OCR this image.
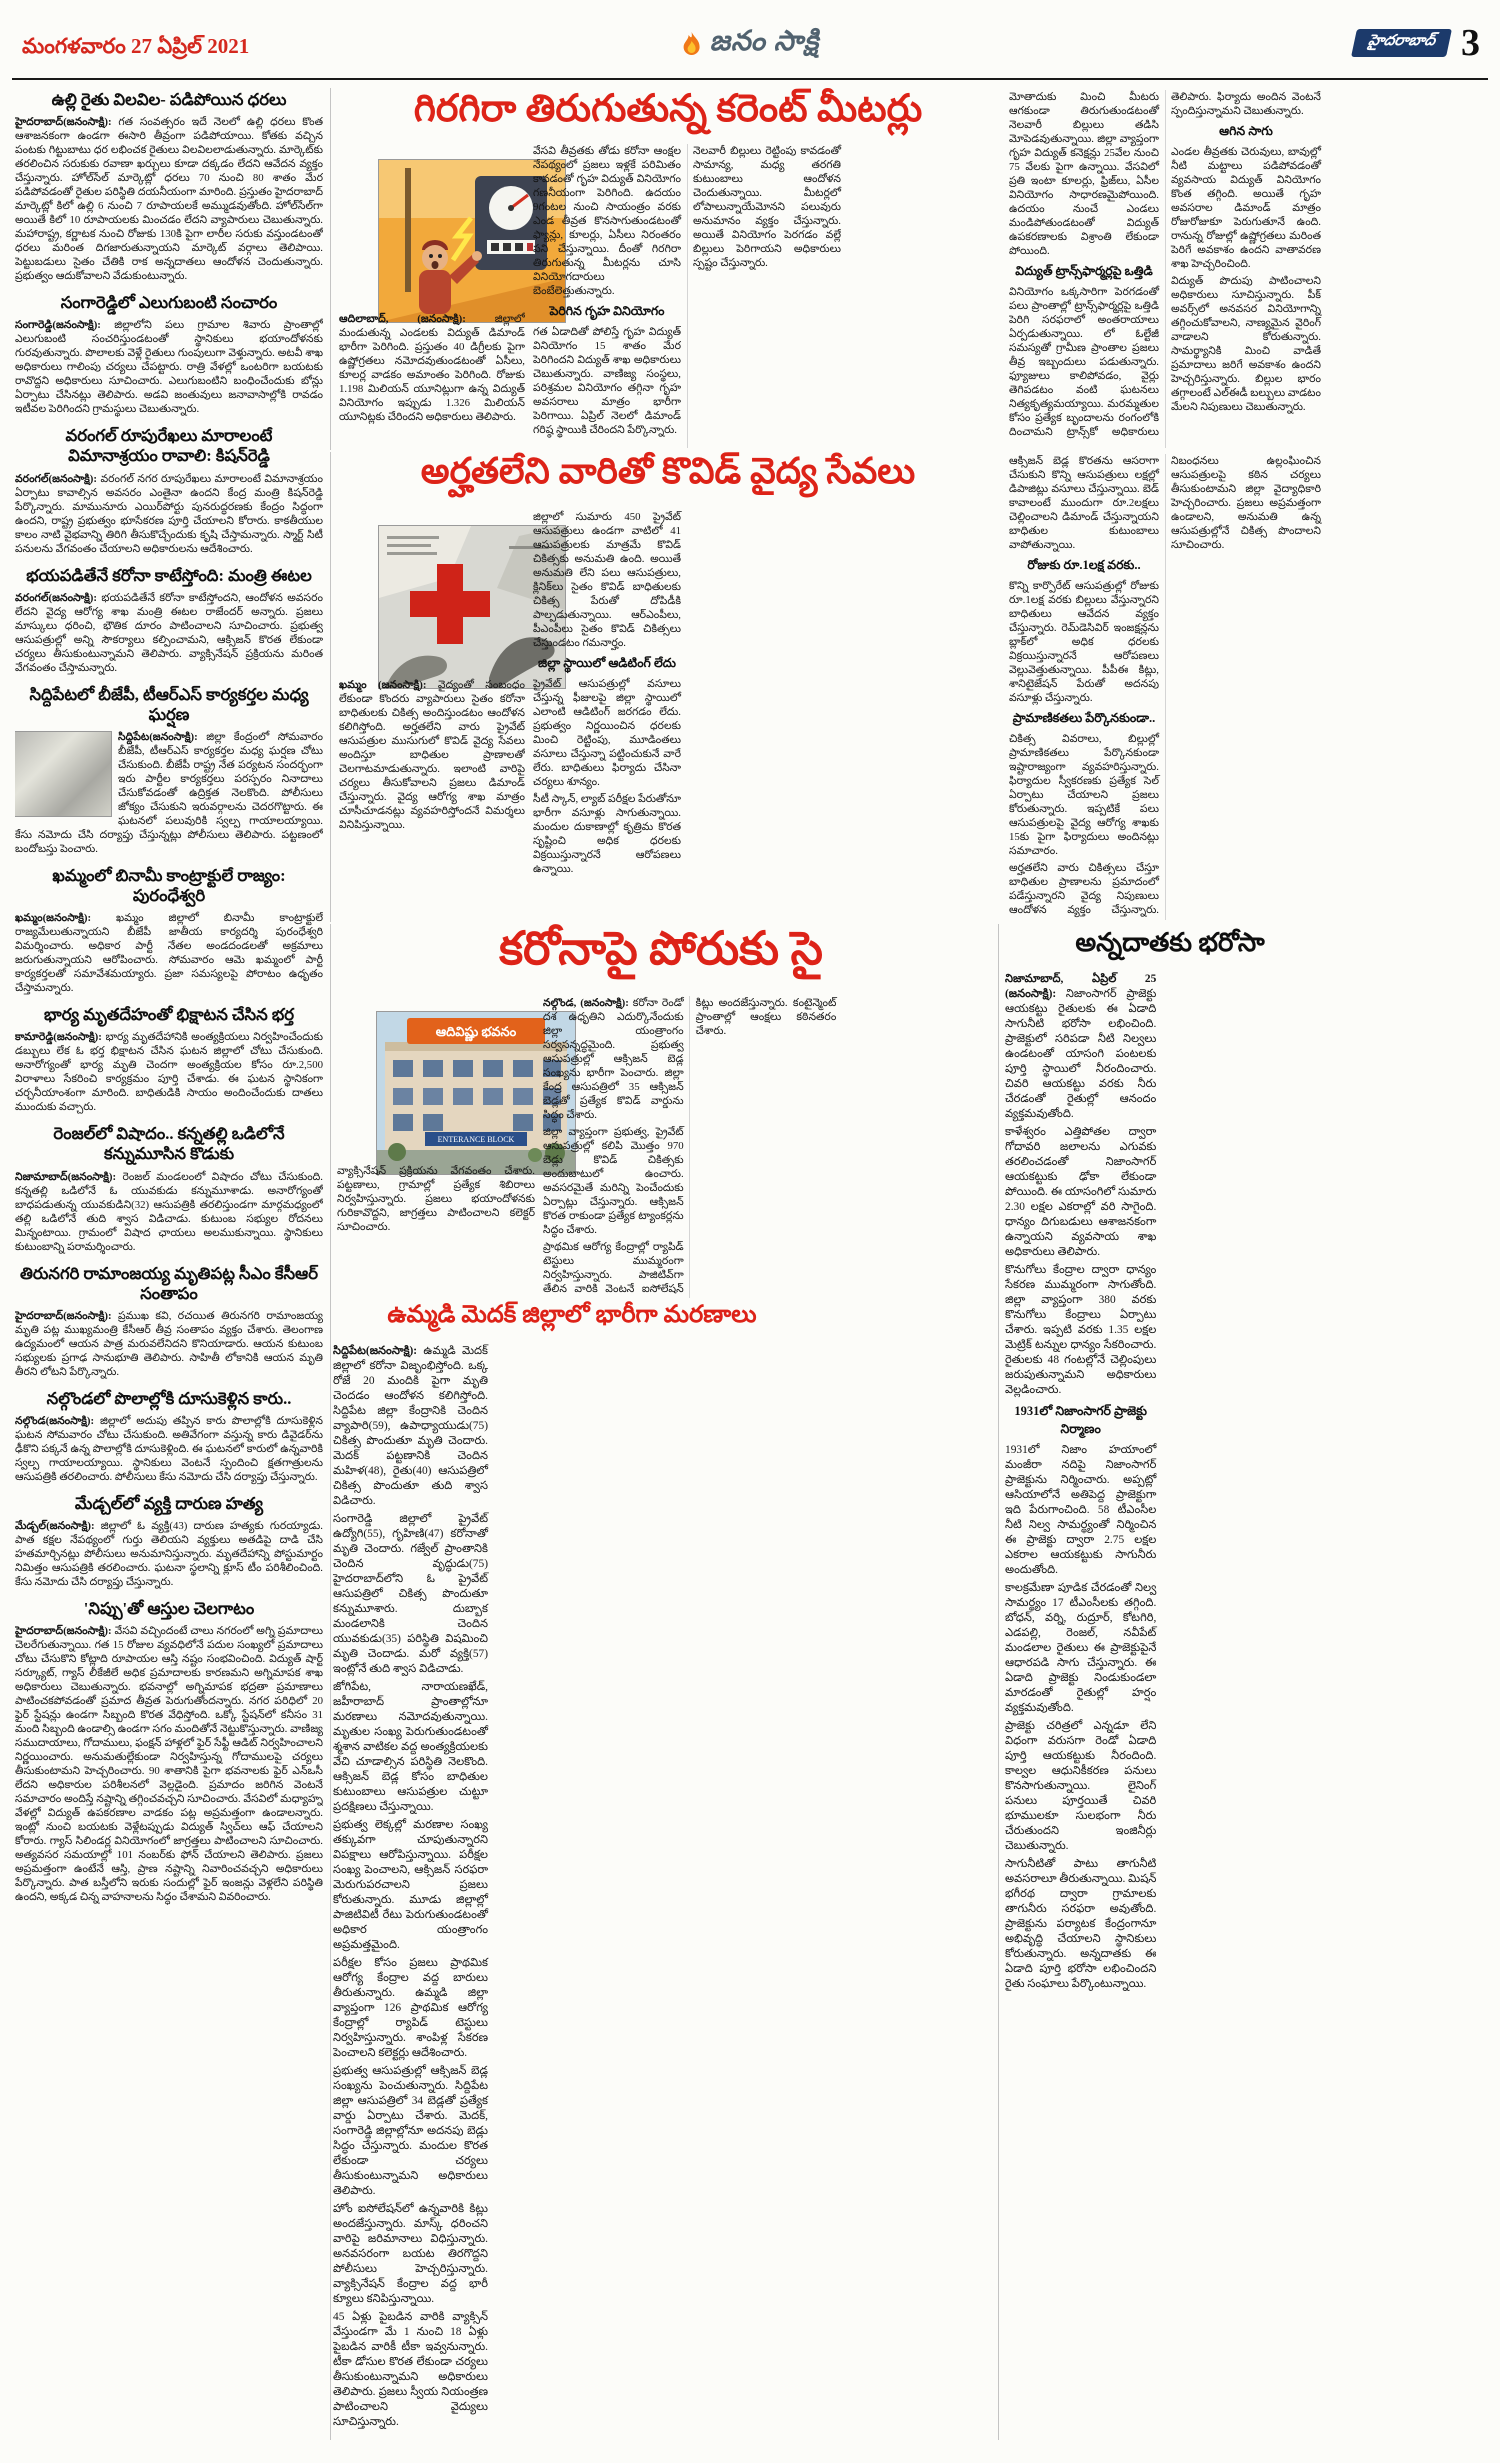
మంగళవారం 27 ఏప్రిల్ 2021	జనం సాక్షి	హైదరాబాద్ 3
ఉల్లి రైతు విలవిల- పడిపోయిన ధరలు

హైదరాబాద్(జనంసాక్షి): గత సంవత్సరం ఇదే నెలలో ఉల్లి ధరలు కొంత ఆశాజనకంగా ఉండగా ఈసారి తీవ్రంగా పడిపోయాయి. కోతకు వచ్చిన పంటకు గిట్టుబాటు ధర లభించక రైతులు విలవిలలాడుతున్నారు. మార్కెట్‌కు తరలించిన సరుకుకు రవాణా ఖర్చులు కూడా దక్కడం లేదని ఆవేదన వ్యక్తం చేస్తున్నారు. హోల్‌సేల్ మార్కెట్లో ధరలు 70 నుంచి 80 శాతం మేర పడిపోవడంతో రైతుల పరిస్థితి దయనీయంగా మారింది. ప్రస్తుతం హైదరాబాద్ మార్కెట్లో కిలో ఉల్లి 6 నుంచి 7 రూపాయలకే అమ్ముడవుతోంది. హోల్‌సేల్‌గా అయితే కిలో 10 రూపాయలకు మించడం లేదని వ్యాపారులు చెబుతున్నారు. మహారాష్ట్ర, కర్ణాటక నుంచి రోజుకు 130కి పైగా లారీల సరుకు వస్తుండటంతో ధరలు మరింత దిగజారుతున్నాయని మార్కెట్ వర్గాలు తెలిపాయి. పెట్టుబడులు సైతం చేతికి రాక అన్నదాతలు ఆందోళన చెందుతున్నారు. ప్రభుత్వం ఆదుకోవాలని వేడుకుంటున్నారు.

సంగారెడ్డిలో ఎలుగుబంటి సంచారం

సంగారెడ్డి(జనంసాక్షి): జిల్లాలోని పలు గ్రామాల శివారు ప్రాంతాల్లో ఎలుగుబంటి సంచరిస్తుండటంతో స్థానికులు భయాందోళనకు గురవుతున్నారు. పొలాలకు వెళ్లే రైతులు గుంపులుగా వెళ్తున్నారు. అటవీ శాఖ అధికారులు గాలింపు చర్యలు చేపట్టారు. రాత్రి వేళల్లో ఒంటరిగా బయటకు రావొద్దని అధికారులు సూచించారు. ఎలుగుబంటిని బంధించేందుకు బోన్లు ఏర్పాటు చేసినట్లు తెలిపారు. అడవి జంతువులు జనావాసాల్లోకి రావడం ఇటీవల పెరిగిందని గ్రామస్థులు చెబుతున్నారు.

వరంగల్ రూపురేఖలు మారాలంటే విమానాశ్రయం రావాలి: కిషన్‌రెడ్డి

వరంగల్(జనంసాక్షి): వరంగల్ నగర రూపురేఖలు మారాలంటే విమానాశ్రయం ఏర్పాటు కావాల్సిన అవసరం ఎంతైనా ఉందని కేంద్ర మంత్రి కిషన్‌రెడ్డి పేర్కొన్నారు. మామునూరు ఎయిర్‌పోర్టు పునరుద్ధరణకు కేంద్రం సిద్ధంగా ఉందని, రాష్ట్ర ప్రభుత్వం భూసేకరణ పూర్తి చేయాలని కోరారు. కాకతీయుల కాలం నాటి వైభవాన్ని తిరిగి తీసుకొచ్చేందుకు కృషి చేస్తామన్నారు. స్మార్ట్ సిటీ పనులను వేగవంతం చేయాలని అధికారులను ఆదేశించారు.

భయపడితేనే కరోనా కాటేస్తోంది: మంత్రి ఈటల

వరంగల్(జనంసాక్షి): భయపడితేనే కరోనా కాటేస్తోందని, ఆందోళన అవసరం లేదని వైద్య ఆరోగ్య శాఖ మంత్రి ఈటల రాజేందర్ అన్నారు. ప్రజలు మాస్కులు ధరించి, భౌతిక దూరం పాటించాలని సూచించారు. ప్రభుత్వ ఆసుపత్రుల్లో అన్ని సౌకర్యాలు కల్పించామని, ఆక్సిజన్ కొరత లేకుండా చర్యలు తీసుకుంటున్నామని తెలిపారు. వ్యాక్సినేషన్ ప్రక్రియను మరింత వేగవంతం చేస్తామన్నారు.

సిద్దిపేటలో బీజేపీ, టీఆర్‌ఎస్ కార్యకర్తల మధ్య ఘర్షణ

సిద్దిపేట(జనంసాక్షి): జిల్లా కేంద్రంలో సోమవారం బీజేపీ, టీఆర్‌ఎస్ కార్యకర్తల మధ్య ఘర్షణ చోటు చేసుకుంది. బీజేపీ రాష్ట్ర నేత పర్యటన సందర్భంగా ఇరు పార్టీల కార్యకర్తలు పరస్పరం నినాదాలు చేసుకోవడంతో ఉద్రిక్తత నెలకొంది. పోలీసులు జోక్యం చేసుకుని ఇరువర్గాలను చెదరగొట్టారు. ఈ ఘటనలో పలువురికి స్వల్ప గాయాలయ్యాయి. కేసు నమోదు చేసి దర్యాప్తు చేస్తున్నట్లు పోలీసులు తెలిపారు. పట్టణంలో బందోబస్తు పెంచారు.

ఖమ్మంలో బినామీ కాంట్రాక్టులే రాజ్యం: పురంధేశ్వరి

ఖమ్మం(జనంసాక్షి): ఖమ్మం జిల్లాలో బినామీ కాంట్రాక్టులే రాజ్యమేలుతున్నాయని బీజేపీ జాతీయ కార్యదర్శి పురంధేశ్వరి విమర్శించారు. అధికార పార్టీ నేతల అండదండలతో అక్రమాలు జరుగుతున్నాయని ఆరోపించారు. సోమవారం ఆమె ఖమ్మంలో పార్టీ కార్యకర్తలతో సమావేశమయ్యారు. ప్రజా సమస్యలపై పోరాటం ఉధృతం చేస్తామన్నారు.

భార్య మృతదేహంతో భిక్షాటన చేసిన భర్త

కామారెడ్డి(జనంసాక్షి): భార్య మృతదేహానికి అంత్యక్రియలు నిర్వహించేందుకు డబ్బులు లేక ఓ భర్త భిక్షాటన చేసిన ఘటన జిల్లాలో చోటు చేసుకుంది. అనారోగ్యంతో భార్య మృతి చెందగా అంత్యక్రియల కోసం రూ.2,500 విరాళాలు సేకరించి కార్యక్రమం పూర్తి చేశాడు. ఈ ఘటన స్థానికంగా చర్చనీయాంశంగా మారింది. బాధితుడికి సాయం అందించేందుకు దాతలు ముందుకు వచ్చారు.

రెంజల్‌లో విషాదం.. కన్నతల్లి ఒడిలోనే కన్నుమూసిన కొడుకు

నిజామాబాద్(జనంసాక్షి): రెంజల్ మండలంలో విషాదం చోటు చేసుకుంది. కన్నతల్లి ఒడిలోనే ఓ యువకుడు కన్నుమూశాడు. అనారోగ్యంతో బాధపడుతున్న యువకుడిని(32) ఆసుపత్రికి తరలిస్తుండగా మార్గమధ్యంలో తల్లి ఒడిలోనే తుది శ్వాస విడిచాడు. కుటుంబ సభ్యుల రోదనలు మిన్నంటాయి. గ్రామంలో విషాద ఛాయలు అలముకున్నాయి. స్థానికులు కుటుంబాన్ని పరామర్శించారు.

తిరునగరి రామాంజయ్య మృతిపట్ల సీఎం కేసీఆర్ సంతాపం

హైదరాబాద్(జనంసాక్షి): ప్రముఖ కవి, రచయిత తిరునగరి రామాంజయ్య మృతి పట్ల ముఖ్యమంత్రి కేసీఆర్ తీవ్ర సంతాపం వ్యక్తం చేశారు. తెలంగాణ ఉద్యమంలో ఆయన పాత్ర మరువలేనిదని కొనియాడారు. ఆయన కుటుంబ సభ్యులకు ప్రగాఢ సానుభూతి తెలిపారు. సాహితీ లోకానికి ఆయన మృతి తీరని లోటని పేర్కొన్నారు.

నల్గొండలో పొలాల్లోకి దూసుకెళ్లిన కారు..

నల్గొండ(జనంసాక్షి): జిల్లాలో అదుపు తప్పిన కారు పొలాల్లోకి దూసుకెళ్లిన ఘటన సోమవారం చోటు చేసుకుంది. అతివేగంగా వస్తున్న కారు డివైడర్‌ను ఢీకొని పక్కనే ఉన్న పొలాల్లోకి దూసుకెళ్లింది. ఈ ఘటనలో కారులో ఉన్నవారికి స్వల్ప గాయాలయ్యాయి. స్థానికులు వెంటనే స్పందించి క్షతగాత్రులను ఆసుపత్రికి తరలించారు. పోలీసులు కేసు నమోదు చేసి దర్యాప్తు చేస్తున్నారు.

మేడ్చల్‌లో వ్యక్తి దారుణ హత్య

మేడ్చల్(జనంసాక్షి): జిల్లాలో ఓ వ్యక్తి(43) దారుణ హత్యకు గురయ్యాడు. పాత కక్షల నేపథ్యంలో గుర్తు తెలియని వ్యక్తులు అతడిపై దాడి చేసి హతమార్చినట్లు పోలీసులు అనుమానిస్తున్నారు. మృతదేహాన్ని పోస్టుమార్టం నిమిత్తం ఆసుపత్రికి తరలించారు. ఘటనా స్థలాన్ని క్లూస్ టీం పరిశీలించింది. కేసు నమోదు చేసి దర్యాప్తు చేస్తున్నారు.

'నిప్పు'తో ఆస్తుల చెలగాటం

హైదరాబాద్(జనంసాక్షి): వేసవి వచ్చిందంటే చాలు నగరంలో అగ్ని ప్రమాదాలు చెలరేగుతున్నాయి. గత 15 రోజుల వ్యవధిలోనే పదుల సంఖ్యలో ప్రమాదాలు చోటు చేసుకొని కోట్లాది రూపాయల ఆస్తి నష్టం సంభవించింది. విద్యుత్ షార్ట్ సర్క్యూట్, గ్యాస్ లీకేజీలే అధిక ప్రమాదాలకు కారణమని అగ్నిమాపక శాఖ అధికారులు చెబుతున్నారు. భవనాల్లో అగ్నిమాపక భద్రతా ప్రమాణాలు పాటించకపోవడంతో ప్రమాద తీవ్రత పెరుగుతోందన్నారు. నగర పరిధిలో 20 ఫైర్ స్టేషన్లు ఉండగా సిబ్బంది కొరత వేధిస్తోంది. ఒక్కో స్టేషన్‌లో కనీసం 31 మంది సిబ్బంది ఉండాల్సి ఉండగా సగం మందితోనే నెట్టుకొస్తున్నారు. వాణిజ్య సముదాయాలు, గోదాములు, ఫంక్షన్ హాళ్లలో ఫైర్ సేఫ్టీ ఆడిట్ నిర్వహించాలని నిర్ణయించారు. అనుమతుల్లేకుండా నిర్వహిస్తున్న గోదాములపై చర్యలు తీసుకుంటామని హెచ్చరించారు. 90 శాతానికి పైగా భవనాలకు ఫైర్ ఎన్ఒసీ లేదని అధికారుల పరిశీలనలో వెల్లడైంది. ప్రమాదం జరిగిన వెంటనే సమాచారం అందిస్తే నష్టాన్ని తగ్గించవచ్చని సూచించారు. వేసవిలో మధ్యాహ్న వేళల్లో విద్యుత్ ఉపకరణాల వాడకం పట్ల అప్రమత్తంగా ఉండాలన్నారు. ఇంట్లో నుంచి బయటకు వెళ్లేటప్పుడు విద్యుత్ స్విచ్‌లు ఆఫ్ చేయాలని కోరారు. గ్యాస్ సిలిండర్ల వినియోగంలో జాగ్రత్తలు పాటించాలని సూచించారు. అత్యవసర సమయాల్లో 101 నంబర్‌కు ఫోన్ చేయాలని తెలిపారు. ప్రజలు అప్రమత్తంగా ఉంటేనే ఆస్తి, ప్రాణ నష్టాన్ని నివారించవచ్చని అధికారులు పేర్కొన్నారు. పాత బస్తీలోని ఇరుకు సందుల్లో ఫైర్ ఇంజన్లు వెళ్లలేని పరిస్థితి ఉందని, అక్కడ చిన్న వాహనాలను సిద్ధం చేశామని వివరించారు.

గిరగిరా తిరుగుతున్న కరెంట్ మీటర్లు

ఆదిలాబాద్, (జనంసాక్షి): జిల్లాలో మండుతున్న ఎండలకు విద్యుత్ డిమాండ్ భారీగా పెరిగింది. ప్రస్తుతం 40 డిగ్రీలకు పైగా ఉష్ణోగ్రతలు నమోదవుతుండటంతో ఏసీలు, కూలర్ల వాడకం అమాంతం పెరిగింది. రోజుకు 1.198 మిలియన్ యూనిట్లుగా ఉన్న విద్యుత్ వినియోగం ఇప్పుడు 1.326 మిలియన్ యూనిట్లకు చేరిందని అధికారులు తెలిపారు.

వేసవి తీవ్రతకు తోడు కరోనా ఆంక్షల నేపథ్యంలో ప్రజలు ఇళ్లకే పరిమితం కావడంతో గృహ విద్యుత్ వినియోగం గణనీయంగా పెరిగింది. ఉదయం 9గంటల నుంచి సాయంత్రం వరకు ఎండ తీవ్రత కొనసాగుతుండటంతో ఫ్యాన్లు, కూలర్లు, ఏసీలు నిరంతరం పని చేస్తున్నాయి. దీంతో గిరగిరా తిరుగుతున్న మీటర్లను చూసి వినియోగదారులు బెంబేలెత్తుతున్నారు.

పెరిగిన గృహ వినియోగం

గత ఏడాదితో పోలిస్తే గృహ విద్యుత్ వినియోగం 15 శాతం మేర పెరిగిందని విద్యుత్ శాఖ అధికారులు చెబుతున్నారు. వాణిజ్య సంస్థలు, పరిశ్రమల వినియోగం తగ్గినా గృహ అవసరాలు మాత్రం భారీగా పెరిగాయి. ఏప్రిల్ నెలలో డిమాండ్ గరిష్ఠ స్థాయికి చేరిందని పేర్కొన్నారు.

నెలవారీ బిల్లులు రెట్టింపు కావడంతో సామాన్య, మధ్య తరగతి కుటుంబాలు ఆందోళన చెందుతున్నాయి. మీటర్లలో లోపాలున్నాయేమోనని పలువురు అనుమానం వ్యక్తం చేస్తున్నారు. అయితే వినియోగం పెరగడం వల్లే బిల్లులు పెరిగాయని అధికారులు స్పష్టం చేస్తున్నారు.

మోతాదుకు మించి మీటరు ఆగకుండా తిరుగుతుండటంతో నెలవారీ బిల్లులు తడిసి మోపెడవుతున్నాయి. జిల్లా వ్యాప్తంగా గృహ విద్యుత్ కనెక్షన్లు 25వేల నుంచి 75 వేలకు పైగా ఉన్నాయి. వేసవిలో ప్రతి ఇంటా కూలర్లు, ఫ్రిజ్‌లు, ఏసీల వినియోగం సాధారణమైపోయింది. ఉదయం నుంచే ఎండలు మండిపోతుండటంతో విద్యుత్ ఉపకరణాలకు విశ్రాంతి లేకుండా పోయింది.

విద్యుత్ ట్రాన్స్‌ఫార్మర్లపై ఒత్తిడి

వినియోగం ఒక్కసారిగా పెరగడంతో పలు ప్రాంతాల్లో ట్రాన్స్‌ఫార్మర్లపై ఒత్తిడి పెరిగి సరఫరాలో అంతరాయాలు ఏర్పడుతున్నాయి. లో ఓల్టేజీ సమస్యతో గ్రామీణ ప్రాంతాల ప్రజలు తీవ్ర ఇబ్బందులు పడుతున్నారు. ఫ్యూజులు కాలిపోవడం, వైర్లు తెగిపడటం వంటి ఘటనలు నిత్యకృత్యమయ్యాయి. మరమ్మతుల కోసం ప్రత్యేక బృందాలను రంగంలోకి దించామని ట్రాన్స్‌కో అధికారులు తెలిపారు. ఫిర్యాదు అందిన వెంటనే స్పందిస్తున్నామని చెబుతున్నారు.

ఆగిన సాగు

ఎండల తీవ్రతకు చెరువులు, బావుల్లో నీటి మట్టాలు పడిపోవడంతో వ్యవసాయ విద్యుత్ వినియోగం కొంత తగ్గింది. అయితే గృహ అవసరాల డిమాండ్ మాత్రం రోజురోజుకూ పెరుగుతూనే ఉంది. రానున్న రోజుల్లో ఉష్ణోగ్రతలు మరింత పెరిగే అవకాశం ఉందని వాతావరణ శాఖ హెచ్చరించింది.

విద్యుత్ పొదుపు పాటించాలని అధికారులు సూచిస్తున్నారు. పీక్ అవర్స్‌లో అనవసర వినియోగాన్ని తగ్గించుకోవాలని, నాణ్యమైన వైరింగ్ వాడాలని కోరుతున్నారు. సామర్థ్యానికి మించి వాడితే ప్రమాదాలు జరిగే అవకాశం ఉందని హెచ్చరిస్తున్నారు. బిల్లుల భారం తగ్గాలంటే ఎల్ఈడీ బల్బులు వాడటం మేలని నిపుణులు చెబుతున్నారు.

అర్హతలేని వారితో కొవిడ్ వైద్య సేవలు

ఖమ్మం (జనంసాక్షి): వైద్యంతో సంబంధం లేకుండా కొందరు వ్యాపారులు సైతం కరోనా బాధితులకు చికిత్స అందిస్తుండటం ఆందోళన కలిగిస్తోంది. అర్హతలేని వారు ప్రైవేట్ ఆసుపత్రుల ముసుగులో కొవిడ్ వైద్య సేవలు అందిస్తూ బాధితుల ప్రాణాలతో చెలగాటమాడుతున్నారు. ఇలాంటి వారిపై చర్యలు తీసుకోవాలని ప్రజలు డిమాండ్ చేస్తున్నారు. వైద్య ఆరోగ్య శాఖ మాత్రం చూసీచూడనట్లు వ్యవహరిస్తోందనే విమర్శలు వినిపిస్తున్నాయి.

జిల్లాలో సుమారు 450 ప్రైవేట్ ఆసుపత్రులు ఉండగా వాటిలో 41 ఆసుపత్రులకు మాత్రమే కొవిడ్ చికిత్సకు అనుమతి ఉంది. అయితే అనుమతి లేని పలు ఆసుపత్రులు, క్లినిక్‌లు సైతం కొవిడ్ బాధితులకు చికిత్స పేరుతో దోపిడీకి పాల్పడుతున్నాయి. ఆర్ఎంపీలు, పీఎంపీలు సైతం కొవిడ్ చికిత్సలు చేస్తుండటం గమనార్హం.

జిల్లా స్థాయిలో ఆడిటింగ్ లేదు

ప్రైవేట్ ఆసుపత్రుల్లో వసూలు చేస్తున్న ఫీజులపై జిల్లా స్థాయిలో ఎలాంటి ఆడిటింగ్ జరగడం లేదు. ప్రభుత్వం నిర్ణయించిన ధరలకు మించి రెట్టింపు, మూడింతలు వసూలు చేస్తున్నా పట్టించుకునే వారే లేరు. బాధితులు ఫిర్యాదు చేసినా చర్యలు శూన్యం.

సీటీ స్కాన్, ల్యాబ్ పరీక్షల పేరుతోనూ భారీగా వసూళ్లు సాగుతున్నాయి. మందుల దుకాణాల్లో కృత్రిమ కొరత సృష్టించి అధిక ధరలకు విక్రయిస్తున్నారనే ఆరోపణలు ఉన్నాయి.

ఆక్సిజన్ బెడ్ల కొరతను ఆసరాగా చేసుకుని కొన్ని ఆసుపత్రులు లక్షల్లో డిపాజిట్లు వసూలు చేస్తున్నాయి. బెడ్ కావాలంటే ముందుగా రూ.2లక్షలు చెల్లించాలని డిమాండ్ చేస్తున్నాయని బాధితుల కుటుంబాలు వాపోతున్నాయి.

రోజుకు రూ.1లక్ష వరకు..

కొన్ని కార్పొరేట్ ఆసుపత్రుల్లో రోజుకు రూ.1లక్ష వరకు బిల్లులు వేస్తున్నారని బాధితులు ఆవేదన వ్యక్తం చేస్తున్నారు. రెమ్‌డెసివిర్ ఇంజక్షన్లను బ్లాక్‌లో అధిక ధరలకు విక్రయిస్తున్నారనే ఆరోపణలు వెల్లువెత్తుతున్నాయి. పీపీఈ కిట్లు, శానిటైజేషన్ పేరుతో అదనపు వసూళ్లు చేస్తున్నారు.

ప్రామాణికతలు పేర్కొనకుండా..

చికిత్స వివరాలు, బిల్లుల్లో ప్రామాణికతలు పేర్కొనకుండా ఇష్టారాజ్యంగా వ్యవహరిస్తున్నారు. ఫిర్యాదుల స్వీకరణకు ప్రత్యేక సెల్ ఏర్పాటు చేయాలని ప్రజలు కోరుతున్నారు. ఇప్పటికే పలు ఆసుపత్రులపై వైద్య ఆరోగ్య శాఖకు 15కు పైగా ఫిర్యాదులు అందినట్లు సమాచారం.

అర్హతలేని వారు చికిత్సలు చేస్తూ బాధితుల ప్రాణాలను ప్రమాదంలో పడేస్తున్నారని వైద్య నిపుణులు ఆందోళన వ్యక్తం చేస్తున్నారు. నిబంధనలు ఉల్లంఘించిన ఆసుపత్రులపై కఠిన చర్యలు తీసుకుంటామని జిల్లా వైద్యాధికారి హెచ్చరించారు. ప్రజలు అప్రమత్తంగా ఉండాలని, అనుమతి ఉన్న ఆసుపత్రుల్లోనే చికిత్స పొందాలని సూచించారు.

కరోనాపై పోరుకు సై
ఆదివిష్ణు భవనం
ENTERANCE BLOCK

నల్గొండ, (జనంసాక్షి): కరోనా రెండో దశ ఉధృతిని ఎదుర్కొనేందుకు జిల్లా యంత్రాంగం సర్వసన్నద్ధమైంది. ప్రభుత్వ ఆసుపత్రుల్లో ఆక్సిజన్ బెడ్ల సంఖ్యను భారీగా పెంచారు. జిల్లా కేంద్ర ఆసుపత్రిలో 35 ఆక్సిజన్ బెడ్లతో ప్రత్యేక కొవిడ్ వార్డును సిద్ధం చేశారు.

జిల్లా వ్యాప్తంగా ప్రభుత్వ, ప్రైవేట్ ఆసుపత్రుల్లో కలిపి మొత్తం 970 బెడ్లు కొవిడ్ చికిత్సకు అందుబాటులో ఉంచారు. అవసరమైతే మరిన్ని పెంచేందుకు ఏర్పాట్లు చేస్తున్నారు. ఆక్సిజన్ కొరత రాకుండా ప్రత్యేక ట్యాంకర్లను సిద్ధం చేశారు.

ప్రాథమిక ఆరోగ్య కేంద్రాల్లో ర్యాపిడ్ టెస్టులు ముమ్మరంగా నిర్వహిస్తున్నారు. పాజిటివ్‌గా తేలిన వారికి వెంటనే ఐసోలేషన్ కిట్లు అందజేస్తున్నారు. కంటైన్మెంట్ ప్రాంతాల్లో ఆంక్షలు కఠినతరం చేశారు.

వ్యాక్సినేషన్ ప్రక్రియను వేగవంతం చేశారు. పట్టణాలు, గ్రామాల్లో ప్రత్యేక శిబిరాలు నిర్వహిస్తున్నారు. ప్రజలు భయాందోళనకు గురికావొద్దని, జాగ్రత్తలు పాటించాలని కలెక్టర్ సూచించారు.

ఉమ్మడి మెదక్ జిల్లాలో భారీగా మరణాలు

సిద్దిపేట(జనంసాక్షి): ఉమ్మడి మెదక్ జిల్లాలో కరోనా విజృంభిస్తోంది. ఒక్క రోజే 20 మందికి పైగా మృతి చెందడం ఆందోళన కలిగిస్తోంది. సిద్దిపేట జిల్లా కేంద్రానికి చెందిన వ్యాపారి(59), ఉపాధ్యాయుడు(75) చికిత్స పొందుతూ మృతి చెందారు. మెదక్ పట్టణానికి చెందిన మహిళ(48), రైతు(40) ఆసుపత్రిలో చికిత్స పొందుతూ తుది శ్వాస విడిచారు.

సంగారెడ్డి జిల్లాలో ప్రైవేట్ ఉద్యోగి(55), గృహిణి(47) కరోనాతో మృతి చెందారు. గజ్వేల్ ప్రాంతానికి చెందిన వృద్ధుడు(75) హైదరాబాద్‌లోని ఓ ప్రైవేట్ ఆసుపత్రిలో చికిత్స పొందుతూ కన్నుమూశారు. దుబ్బాక మండలానికి చెందిన యువకుడు(35) పరిస్థితి విషమించి మృతి చెందాడు. మరో వ్యక్తి(57) ఇంట్లోనే తుది శ్వాస విడిచాడు.

జోగిపేట, నారాయణఖేడ్, జహీరాబాద్ ప్రాంతాల్లోనూ మరణాలు నమోదవుతున్నాయి. మృతుల సంఖ్య పెరుగుతుండటంతో శ్మశాన వాటికల వద్ద అంత్యక్రియలకు వేచి చూడాల్సిన పరిస్థితి నెలకొంది. ఆక్సిజన్ బెడ్ల కోసం బాధితుల కుటుంబాలు ఆసుపత్రుల చుట్టూ ప్రదక్షిణలు చేస్తున్నాయి.

ప్రభుత్వ లెక్కల్లో మరణాల సంఖ్య తక్కువగా చూపుతున్నారని విపక్షాలు ఆరోపిస్తున్నాయి. పరీక్షల సంఖ్య పెంచాలని, ఆక్సిజన్ సరఫరా మెరుగుపరచాలని ప్రజలు కోరుతున్నారు. మూడు జిల్లాల్లో పాజిటివిటీ రేటు పెరుగుతుండటంతో అధికార యంత్రాంగం అప్రమత్తమైంది.

పరీక్షల కోసం ప్రజలు ప్రాథమిక ఆరోగ్య కేంద్రాల వద్ద బారులు తీరుతున్నారు. ఉమ్మడి జిల్లా వ్యాప్తంగా 126 ప్రాథమిక ఆరోగ్య కేంద్రాల్లో ర్యాపిడ్ టెస్టులు నిర్వహిస్తున్నారు. శాంపిళ్ల సేకరణ పెంచాలని కలెక్టర్లు ఆదేశించారు.

ప్రభుత్వ ఆసుపత్రుల్లో ఆక్సిజన్ బెడ్ల సంఖ్యను పెంచుతున్నారు. సిద్దిపేట జిల్లా ఆసుపత్రిలో 34 బెడ్లతో ప్రత్యేక వార్డు ఏర్పాటు చేశారు. మెదక్, సంగారెడ్డి జిల్లాల్లోనూ అదనపు బెడ్లు సిద్ధం చేస్తున్నారు. మందుల కొరత లేకుండా చర్యలు తీసుకుంటున్నామని అధికారులు తెలిపారు.

హోం ఐసోలేషన్‌లో ఉన్నవారికి కిట్లు అందజేస్తున్నారు. మాస్క్ ధరించని వారిపై జరిమానాలు విధిస్తున్నారు. అనవసరంగా బయట తిరగొద్దని పోలీసులు హెచ్చరిస్తున్నారు. వ్యాక్సినేషన్ కేంద్రాల వద్ద భారీ క్యూలు కనిపిస్తున్నాయి.

45 ఏళ్లు పైబడిన వారికి వ్యాక్సిన్ వేస్తుండగా మే 1 నుంచి 18 ఏళ్లు పైబడిన వారికీ టీకా ఇవ్వనున్నారు. టీకా డోసుల కొరత లేకుండా చర్యలు తీసుకుంటున్నామని అధికారులు తెలిపారు. ప్రజలు స్వీయ నియంత్రణ పాటించాలని వైద్యులు సూచిస్తున్నారు.

అన్నదాతకు భరోసా

నిజామాబాద్, ఏప్రిల్ 25 (జనంసాక్షి): నిజాంసాగర్ ప్రాజెక్టు ఆయకట్టు రైతులకు ఈ ఏడాది సాగునీటి భరోసా లభించింది. ప్రాజెక్టులో సరిపడా నీటి నిల్వలు ఉండటంతో యాసంగి పంటలకు పూర్తి స్థాయిలో నీరందించారు. చివరి ఆయకట్టు వరకు నీరు చేరడంతో రైతుల్లో ఆనందం వ్యక్తమవుతోంది.

కాళేశ్వరం ఎత్తిపోతల ద్వారా గోదావరి జలాలను ఎగువకు తరలించడంతో నిజాంసాగర్ ఆయకట్టుకు ఢోకా లేకుండా పోయింది. ఈ యాసంగిలో సుమారు 2.30 లక్షల ఎకరాల్లో వరి సాగైంది. ధాన్యం దిగుబడులు ఆశాజనకంగా ఉన్నాయని వ్యవసాయ శాఖ అధికారులు తెలిపారు.

కొనుగోలు కేంద్రాల ద్వారా ధాన్యం సేకరణ ముమ్మరంగా సాగుతోంది. జిల్లా వ్యాప్తంగా 380 వరకు కొనుగోలు కేంద్రాలు ఏర్పాటు చేశారు. ఇప్పటి వరకు 1.35 లక్షల మెట్రిక్ టన్నుల ధాన్యం సేకరించారు. రైతులకు 48 గంటల్లోనే చెల్లింపులు జరుపుతున్నామని అధికారులు వెల్లడించారు.

1931లో నిజాంసాగర్ ప్రాజెక్టు నిర్మాణం

1931లో నిజాం హయాంలో మంజీరా నదిపై నిజాంసాగర్ ప్రాజెక్టును నిర్మించారు. అప్పట్లో ఆసియాలోనే అతిపెద్ద ప్రాజెక్టుగా ఇది పేరుగాంచింది. 58 టీఎంసీల నీటి నిల్వ సామర్థ్యంతో నిర్మించిన ఈ ప్రాజెక్టు ద్వారా 2.75 లక్షల ఎకరాల ఆయకట్టుకు సాగునీరు అందుతోంది.

కాలక్రమేణా పూడిక చేరడంతో నిల్వ సామర్థ్యం 17 టీఎంసీలకు తగ్గింది. బోధన్, వర్ని, రుద్రూర్, కోటగిరి, ఎడపల్లి, రెంజల్, నవీపేట్ మండలాల రైతులు ఈ ప్రాజెక్టుపైనే ఆధారపడి సాగు చేస్తున్నారు. ఈ ఏడాది ప్రాజెక్టు నిండుకుండలా మారడంతో రైతుల్లో హర్షం వ్యక్తమవుతోంది.

ప్రాజెక్టు చరిత్రలో ఎన్నడూ లేని విధంగా వరుసగా రెండో ఏడాది పూర్తి ఆయకట్టుకు నీరందింది. కాల్వల ఆధునికీకరణ పనులు కొనసాగుతున్నాయి. లైనింగ్ పనులు పూర్తయితే చివరి భూములకూ సులభంగా నీరు చేరుతుందని ఇంజినీర్లు చెబుతున్నారు.

సాగునీటితో పాటు తాగునీటి అవసరాలూ తీరుతున్నాయి. మిషన్ భగీరథ ద్వారా గ్రామాలకు తాగునీరు సరఫరా అవుతోంది. ప్రాజెక్టును పర్యాటక కేంద్రంగానూ అభివృద్ధి చేయాలని స్థానికులు కోరుతున్నారు. అన్నదాతకు ఈ ఏడాది పూర్తి భరోసా లభించిందని రైతు సంఘాలు పేర్కొంటున్నాయి.
